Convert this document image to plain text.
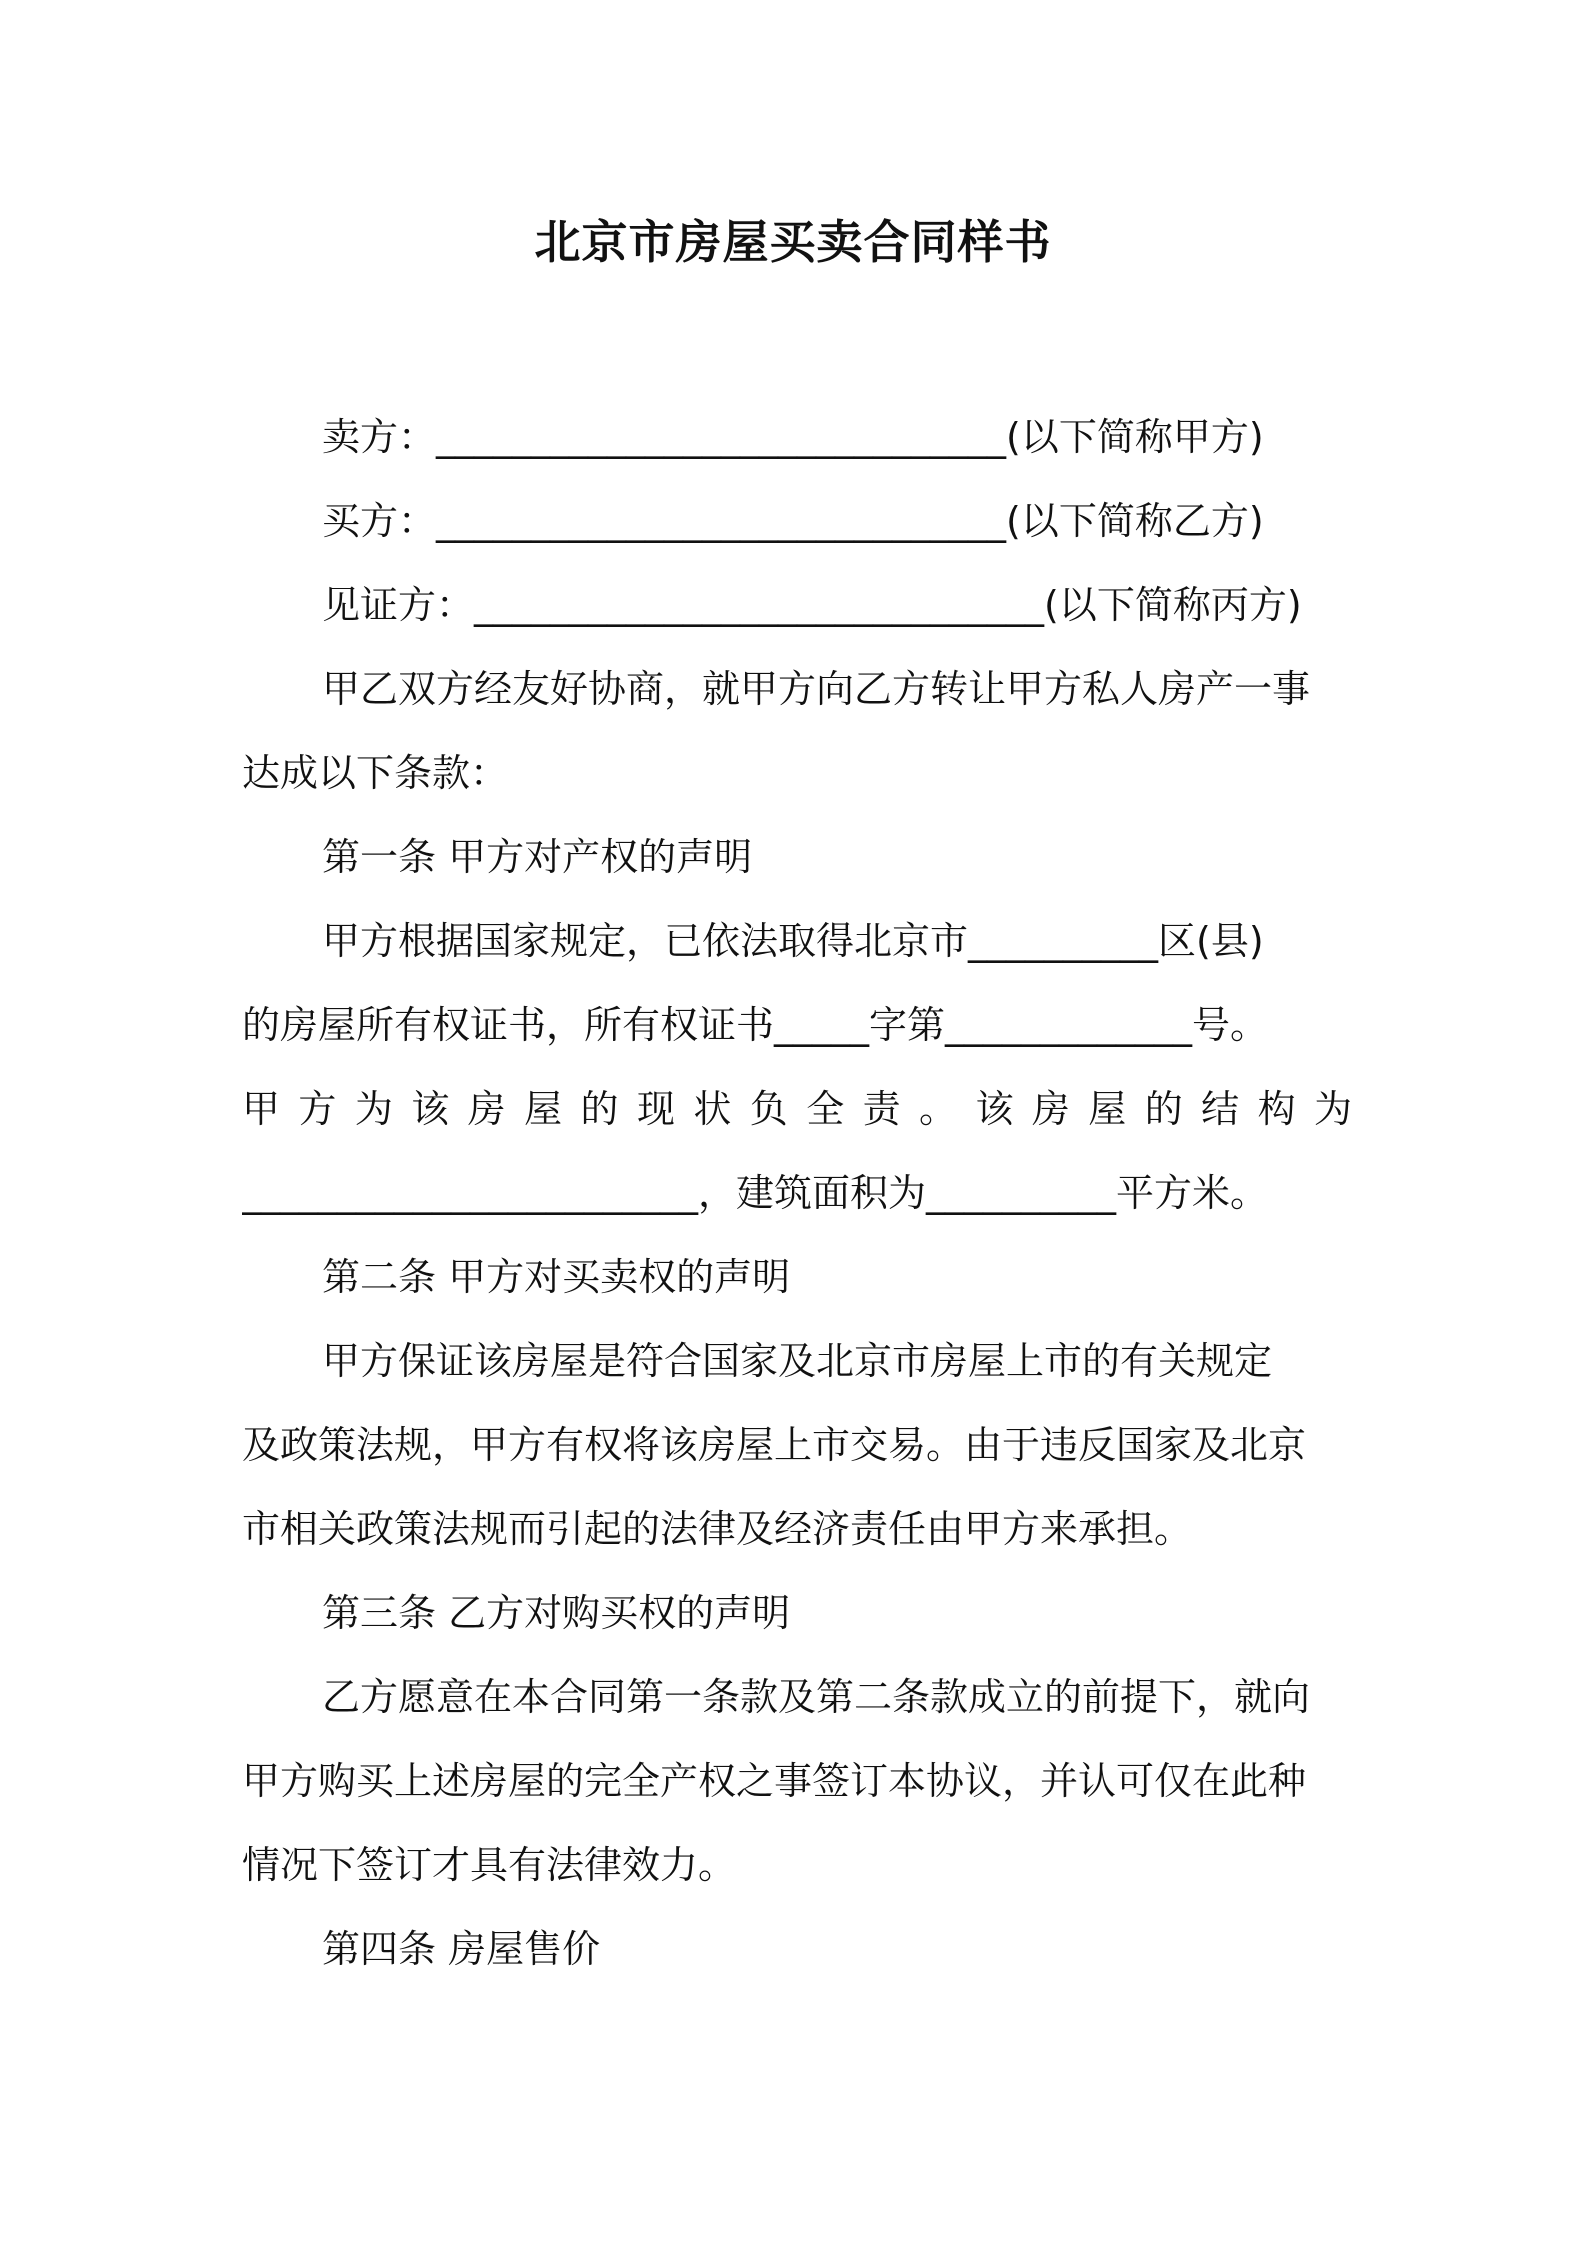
北京市房屋买卖合同样书
卖方：______________________________(以下简称甲方)
买方：______________________________(以下简称乙方)
见证方：______________________________(以下简称丙方)
甲乙双方经友好协商，就甲方向乙方转让甲方私人房产一事
达成以下条款：
第一条 甲方对产权的声明
甲方根据国家规定，已依法取得北京市__________区(县)
的房屋所有权证书，所有权证书_____字第_____________号。
甲 方 为 该 房 屋 的 现 状 负 全 责 。 该 房 屋 的 结 构 为
________________________，建筑面积为__________平方米。
第二条 甲方对买卖权的声明
甲方保证该房屋是符合国家及北京市房屋上市的有关规定
及政策法规，甲方有权将该房屋上市交易。由于违反国家及北京
市相关政策法规而引起的法律及经济责任由甲方来承担。
第三条 乙方对购买权的声明
乙方愿意在本合同第一条款及第二条款成立的前提下，就向
甲方购买上述房屋的完全产权之事签订本协议，并认可仅在此种
情况下签订才具有法律效力。
第四条 房屋售价
